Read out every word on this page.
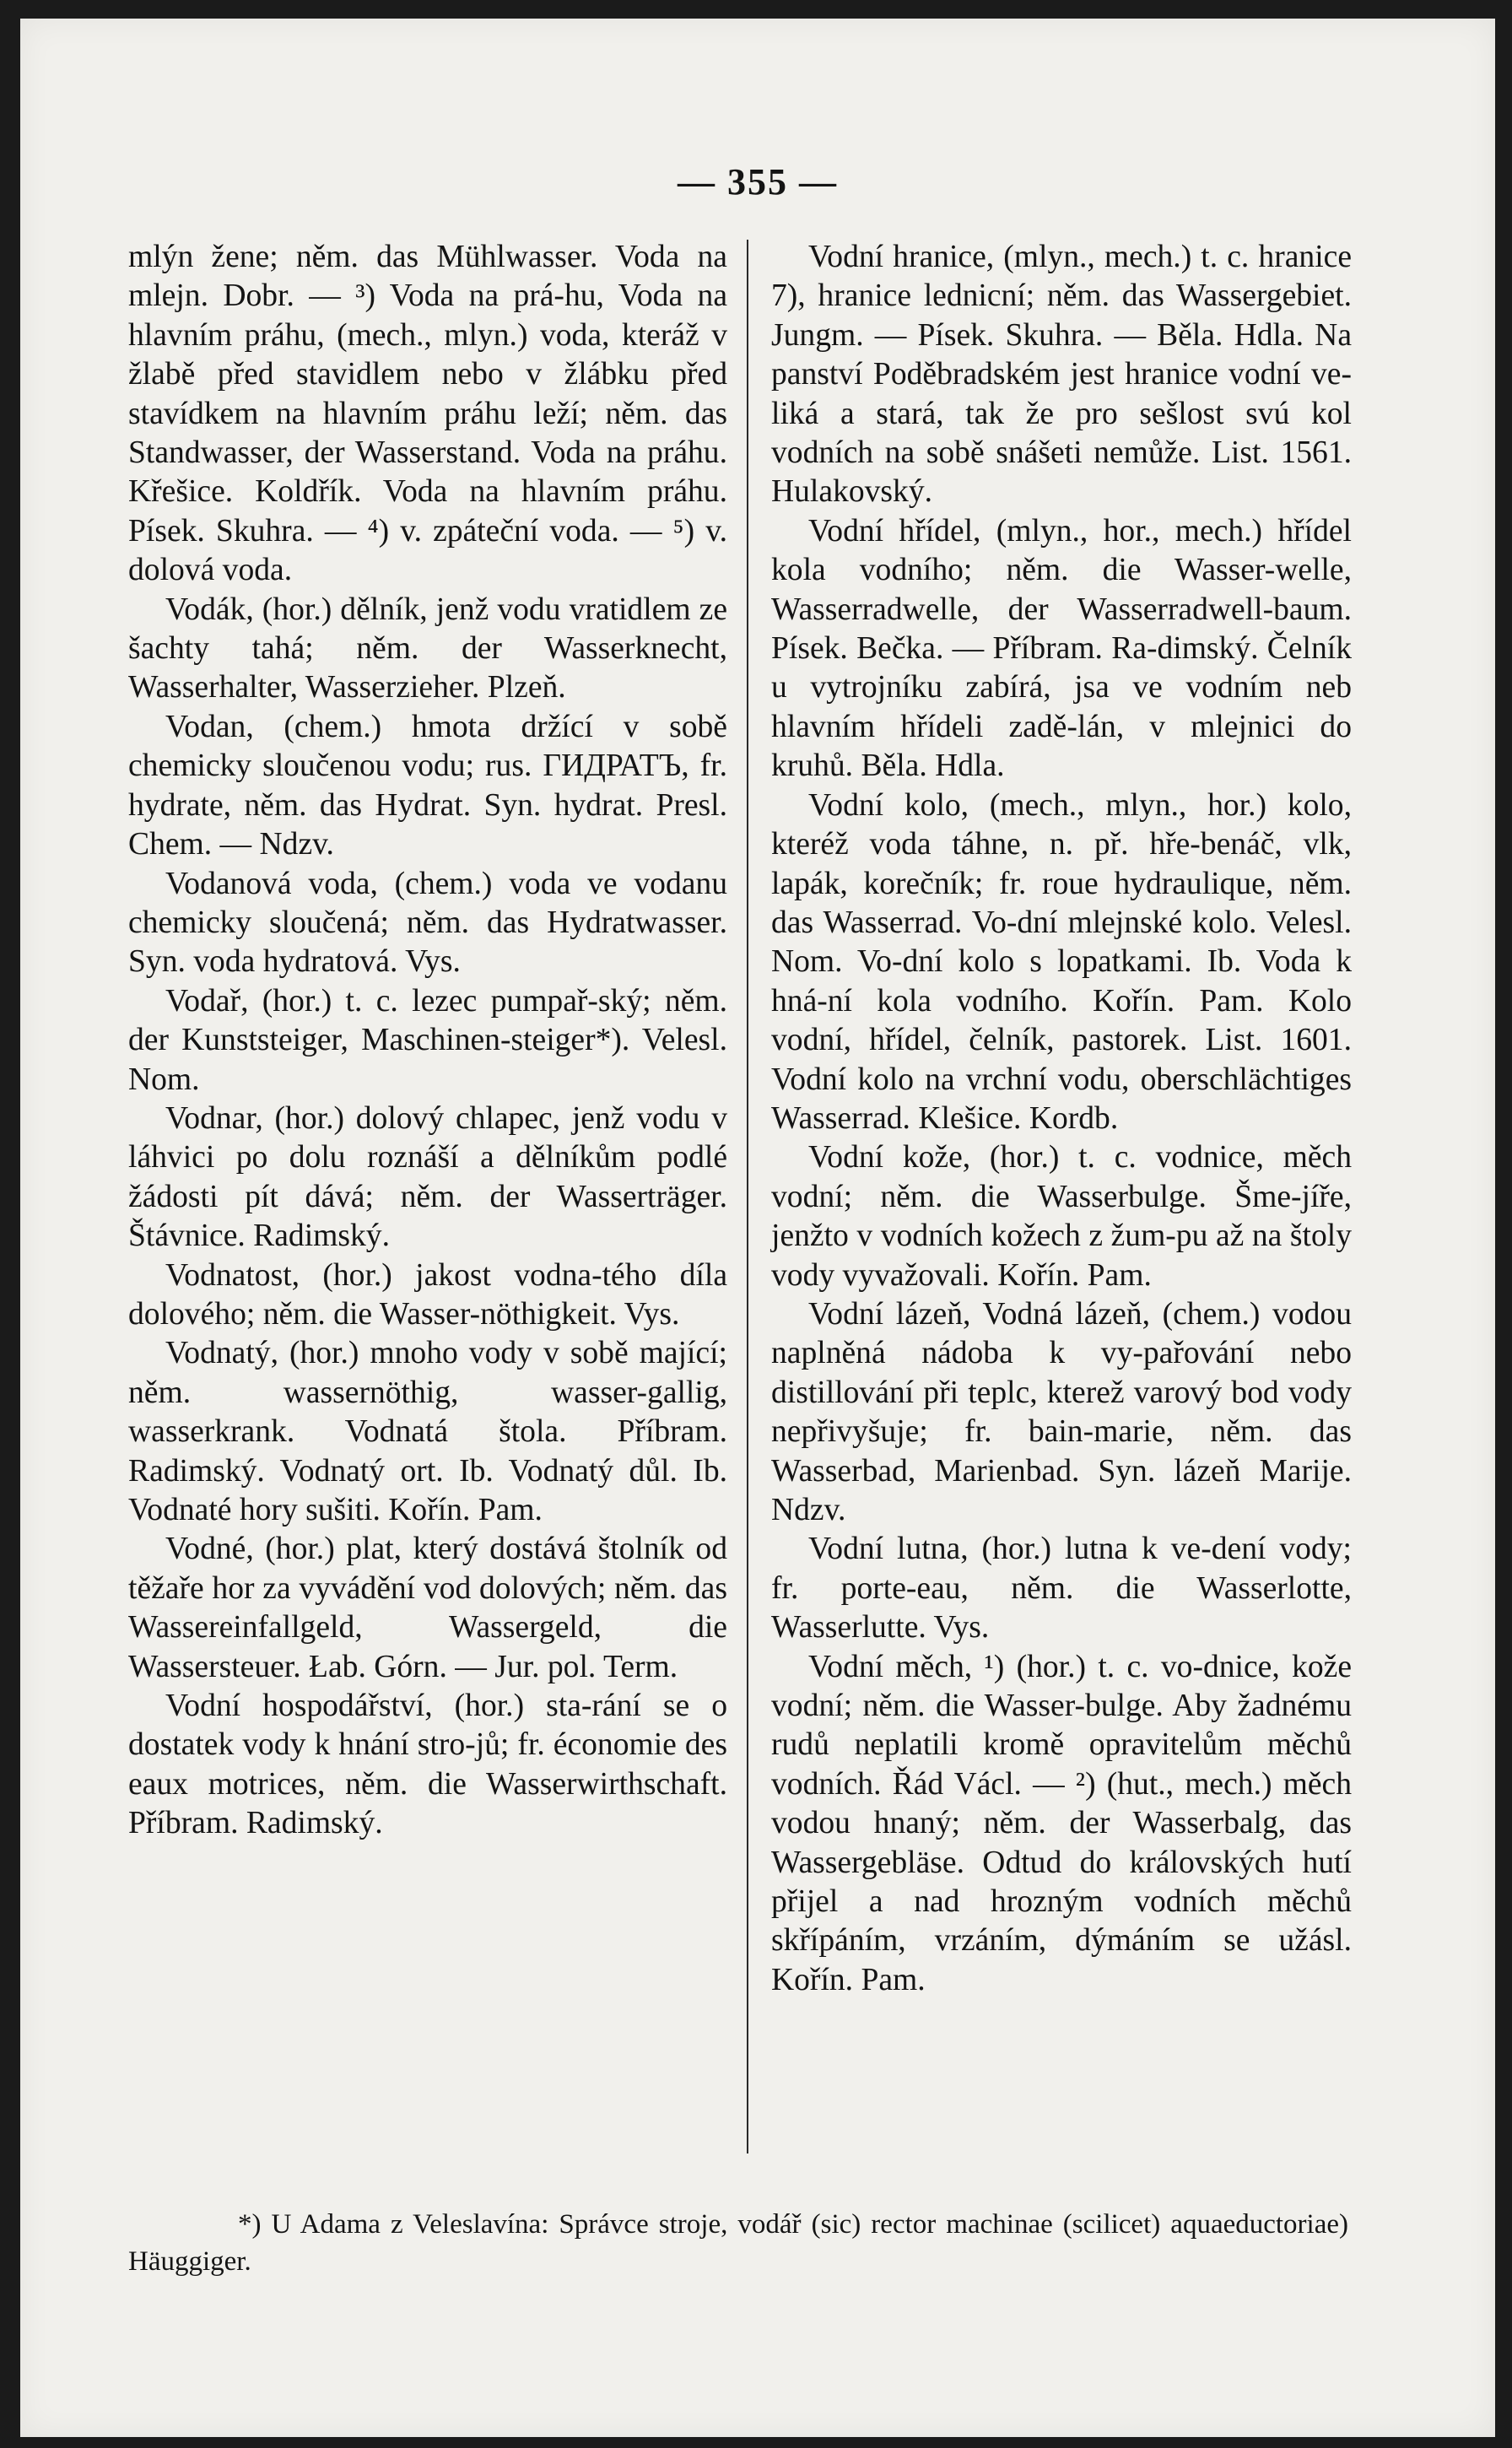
— 355 —

mlýn žene; něm. das Mühlwasser. Voda na mlejn. Dobr. — ³) Voda na prá-hu, Voda na hlavním práhu, (mech., mlyn.) voda, kteráž v žlabě před stavidlem nebo v žlábku před stavídkem na hlavním práhu leží; něm. das Standwasser, der Wasserstand. Voda na práhu. Křešice. Koldřík. Voda na hlavním práhu. Písek. Skuhra. — ⁴) v. zpáteční voda. — ⁵) v. dolová voda.

Vodák, (hor.) dělník, jenž vodu vratidlem ze šachty tahá; něm. der Wasserknecht, Wasserhalter, Wasserzieher. Plzeň.

Vodan, (chem.) hmota držící v sobě chemicky sloučenou vodu; rus. ГИДРАТЪ, fr. hydrate, něm. das Hydrat. Syn. hydrat. Presl. Chem. — Ndzv.

Vodanová voda, (chem.) voda ve vodanu chemicky sloučená; něm. das Hydratwasser. Syn. voda hydratová. Vys.

Vodař, (hor.) t. c. lezec pumpař-ský; něm. der Kunststeiger, Maschinen-steiger*). Velesl. Nom.

Vodnar, (hor.) dolový chlapec, jenž vodu v láhvici po dolu roznáší a dělníkům podlé žádosti pít dává; něm. der Wasserträger. Štávnice. Radimský.

Vodnatost, (hor.) jakost vodna-tého díla dolového; něm. die Wasser-nöthigkeit. Vys.

Vodnatý, (hor.) mnoho vody v sobě mající; něm. wassernöthig, wasser-gallig, wasserkrank. Vodnatá štola. Příbram. Radimský. Vodnatý ort. Ib. Vodnatý důl. Ib. Vodnaté hory sušiti. Kořín. Pam.

Vodné, (hor.) plat, který dostává štolník od těžaře hor za vyvádění vod dolových; něm. das Wassereinfallgeld, Wassergeld, die Wassersteuer. Łab. Górn. — Jur. pol. Term.

Vodní hospodářství, (hor.) sta-rání se o dostatek vody k hnání stro-jů; fr. économie des eaux motrices, něm. die Wasserwirthschaft. Příbram. Radimský.

Vodní hranice, (mlyn., mech.) t. c. hranice 7), hranice lednicní; něm. das Wassergebiet. Jungm. — Písek. Skuhra. — Běla. Hdla. Na panství Poděbradském jest hranice vodní ve-liká a stará, tak že pro sešlost svú kol vodních na sobě snášeti nemůže. List. 1561. Hulakovský.

Vodní hřídel, (mlyn., hor., mech.) hřídel kola vodního; něm. die Wasser-welle, Wasserradwelle, der Wasserradwell-baum. Písek. Bečka. — Příbram. Ra-dimský. Čelník u vytrojníku zabírá, jsa ve vodním neb hlavním hřídeli zadě-lán, v mlejnici do kruhů. Běla. Hdla.

Vodní kolo, (mech., mlyn., hor.) kolo, kteréž voda táhne, n. př. hře-benáč, vlk, lapák, korečník; fr. roue hydraulique, něm. das Wasserrad. Vo-dní mlejnské kolo. Velesl. Nom. Vo-dní kolo s lopatkami. Ib. Voda k hná-ní kola vodního. Kořín. Pam. Kolo vodní, hřídel, čelník, pastorek. List. 1601. Vodní kolo na vrchní vodu, oberschlächtiges Wasserrad. Klešice. Kordb.

Vodní kože, (hor.) t. c. vodnice, měch vodní; něm. die Wasserbulge. Šme-jíře, jenžto v vodních kožech z žum-pu až na štoly vody vyvažovali. Kořín. Pam.

Vodní lázeň, Vodná lázeň, (chem.) vodou naplněná nádoba k vy-pařování nebo distillování při teplc, kterež varový bod vody nepřivyšuje; fr. bain-marie, něm. das Wasserbad, Marienbad. Syn. lázeň Marije. Ndzv.

Vodní lutna, (hor.) lutna k ve-dení vody; fr. porte-eau, něm. die Wasserlotte, Wasserlutte. Vys.

Vodní měch, ¹) (hor.) t. c. vo-dnice, kože vodní; něm. die Wasser-bulge. Aby žadnému rudů neplatili kromě opravitelům měchů vodních. Řád Václ. — ²) (hut., mech.) měch vodou hnaný; něm. der Wasserbalg, das Wassergebläse. Odtud do královských hutí přijel a nad hrozným vodních měchů skřípáním, vrzáním, dýmáním se užásl. Kořín. Pam.

*) U Adama z Veleslavína: Správce stroje, vodář (sic) rector machinae (scilicet) aquaeductoriae) Häuggiger.
